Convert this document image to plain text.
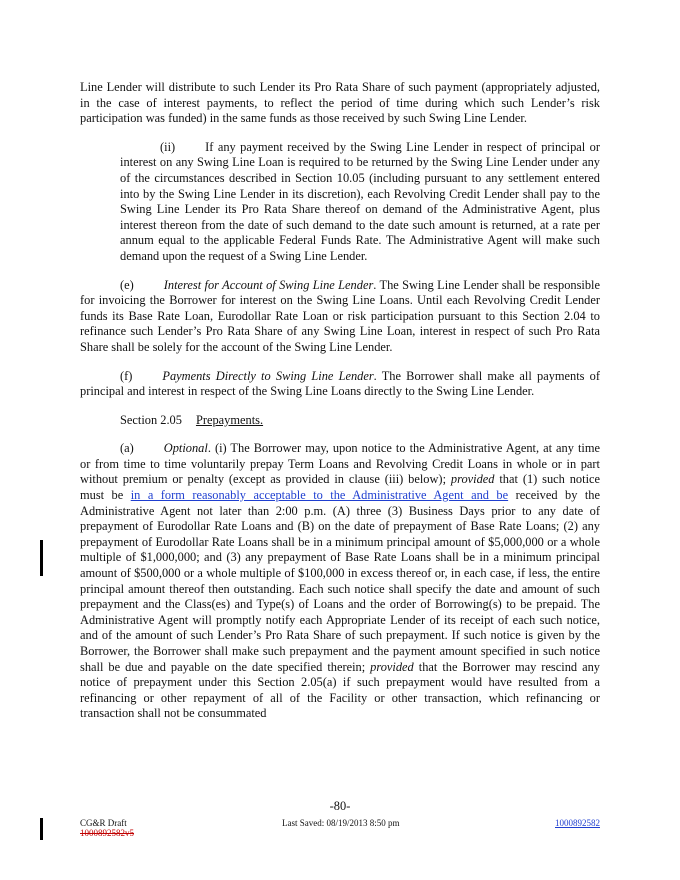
Line Lender will distribute to such Lender its Pro Rata Share of such payment (appropriately adjusted, in the case of interest payments, to reflect the period of time during which such Lender’s risk participation was funded) in the same funds as those received by such Swing Line Lender.

(ii) If any payment received by the Swing Line Lender in respect of principal or interest on any Swing Line Loan is required to be returned by the Swing Line Lender under any of the circumstances described in Section 10.05 (including pursuant to any settlement entered into by the Swing Line Lender in its discretion), each Revolving Credit Lender shall pay to the Swing Line Lender its Pro Rata Share thereof on demand of the Administrative Agent, plus interest thereon from the date of such demand to the date such amount is returned, at a rate per annum equal to the applicable Federal Funds Rate. The Administrative Agent will make such demand upon the request of a Swing Line Lender.

(e) Interest for Account of Swing Line Lender. The Swing Line Lender shall be responsible for invoicing the Borrower for interest on the Swing Line Loans. Until each Revolving Credit Lender funds its Base Rate Loan, Eurodollar Rate Loan or risk participation pursuant to this Section 2.04 to refinance such Lender’s Pro Rata Share of any Swing Line Loan, interest in respect of such Pro Rata Share shall be solely for the account of the Swing Line Lender.

(f) Payments Directly to Swing Line Lender. The Borrower shall make all payments of principal and interest in respect of the Swing Line Loans directly to the Swing Line Lender.

Section 2.05 Prepayments.

(a) Optional. (i) The Borrower may, upon notice to the Administrative Agent, at any time or from time to time voluntarily prepay Term Loans and Revolving Credit Loans in whole or in part without premium or penalty (except as provided in clause (iii) below); provided that (1) such notice must be in a form reasonably acceptable to the Administrative Agent and be received by the Administrative Agent not later than 2:00 p.m. (A) three (3) Business Days prior to any date of prepayment of Eurodollar Rate Loans and (B) on the date of prepayment of Base Rate Loans; (2) any prepayment of Eurodollar Rate Loans shall be in a minimum principal amount of $5,000,000 or a whole multiple of $1,000,000; and (3) any prepayment of Base Rate Loans shall be in a minimum principal amount of $500,000 or a whole multiple of $100,000 in excess thereof or, in each case, if less, the entire principal amount thereof then outstanding. Each such notice shall specify the date and amount of such prepayment and the Class(es) and Type(s) of Loans and the order of Borrowing(s) to be prepaid. The Administrative Agent will promptly notify each Appropriate Lender of its receipt of each such notice, and of the amount of such Lender’s Pro Rata Share of such prepayment. If such notice is given by the Borrower, the Borrower shall make such prepayment and the payment amount specified in such notice shall be due and payable on the date specified therein; provided that the Borrower may rescind any notice of prepayment under this Section 2.05(a) if such prepayment would have resulted from a refinancing or other repayment of all of the Facility or other transaction, which refinancing or transaction shall not be consummated

-80-
CG&R Draft
1000892582v5
Last Saved: 08/19/2013 8:50 pm	1000892582
